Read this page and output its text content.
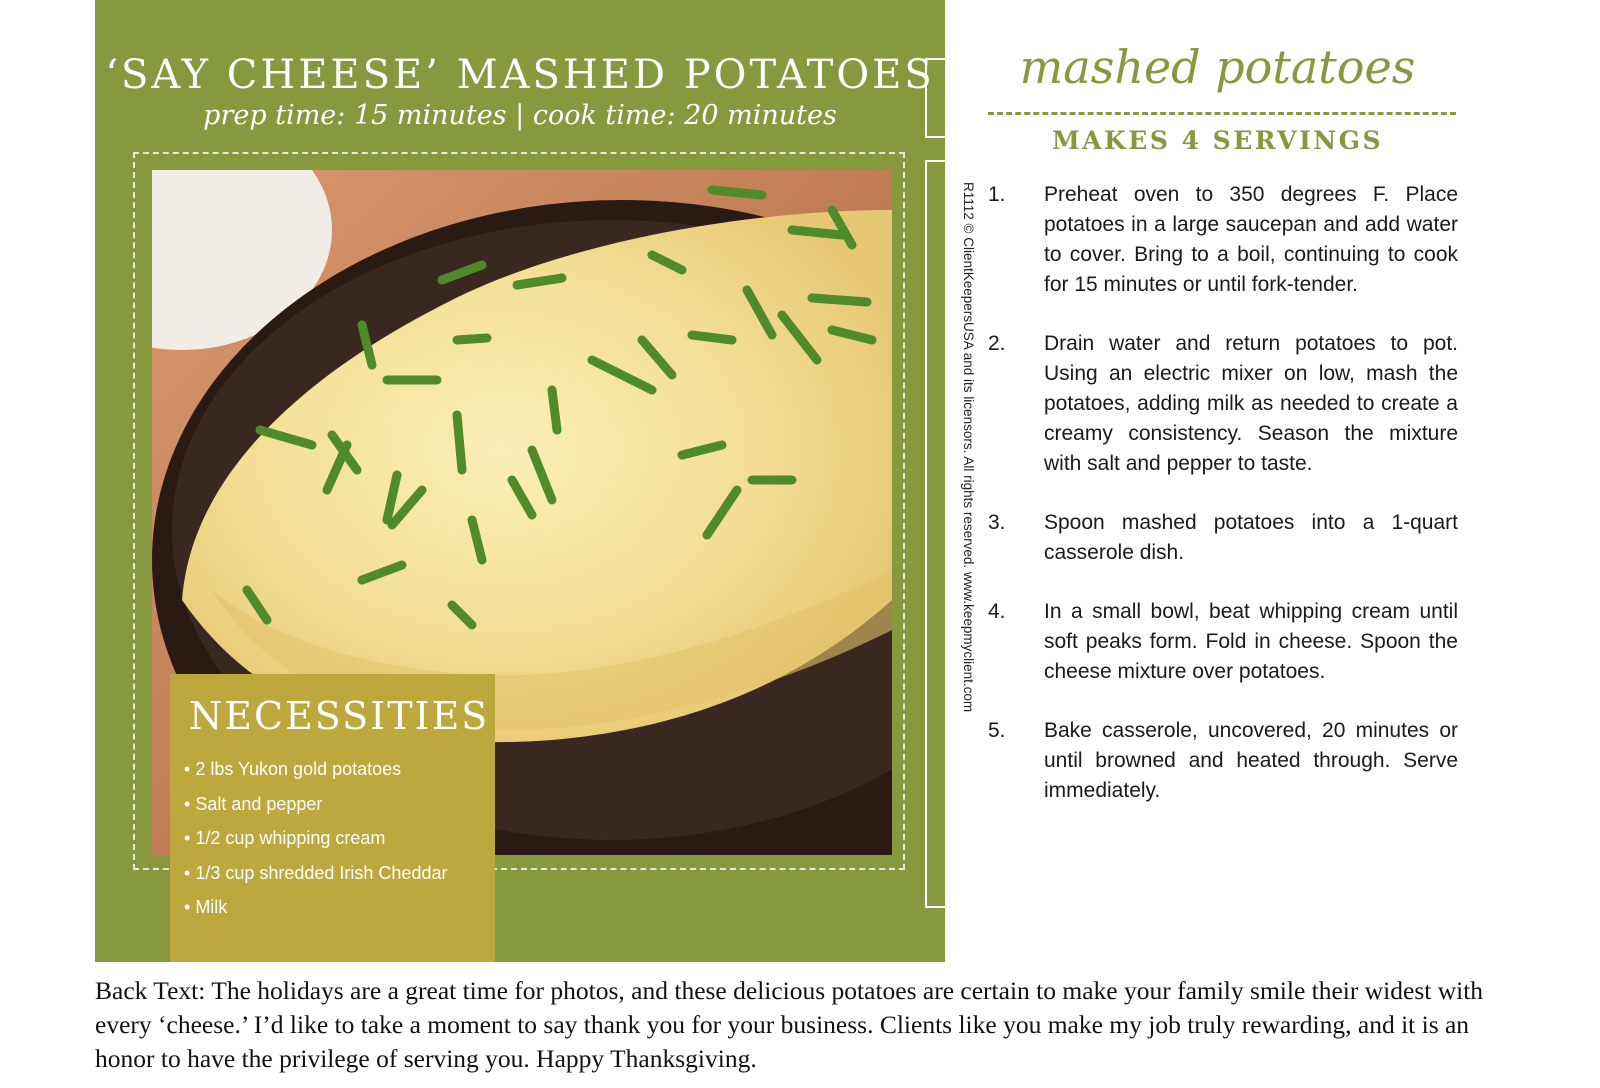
‘SAY CHEESE’ MASHED POTATOES
prep time: 15 minutes | cook time: 20 minutes
NECESSITIES
• 2 lbs Yukon gold potatoes
• Salt and pepper
• 1/2 cup whipping cream
• 1/3 cup shredded Irish Cheddar
• Milk
R1112 © ClientKeepersUSA and its licensors. All rights reserved. www.keepmyclient.com
mashed potatoes
MAKES 4 SERVINGS
1. Preheat oven to 350 degrees F. Place potatoes in a large saucepan and add water to cover. Bring to a boil, continuing to cook for 15 minutes or until fork-tender.
2. Drain water and return potatoes to pot. Using an electric mixer on low, mash the potatoes, adding milk as needed to create a creamy consistency. Season the mixture with salt and pepper to taste.
3. Spoon mashed potatoes into a 1-quart casserole dish.
4. In a small bowl, beat whipping cream until soft peaks form. Fold in cheese. Spoon the cheese mixture over potatoes.
5. Bake casserole, uncovered, 20 minutes or until browned and heated through. Serve immediately.
Back Text: The holidays are a great time for photos, and these delicious potatoes are certain to make your family smile their widest with every ‘cheese.’ I’d like to take a moment to say thank you for your business. Clients like you make my job truly rewarding, and it is an honor to have the privilege of serving you. Happy Thanksgiving.
